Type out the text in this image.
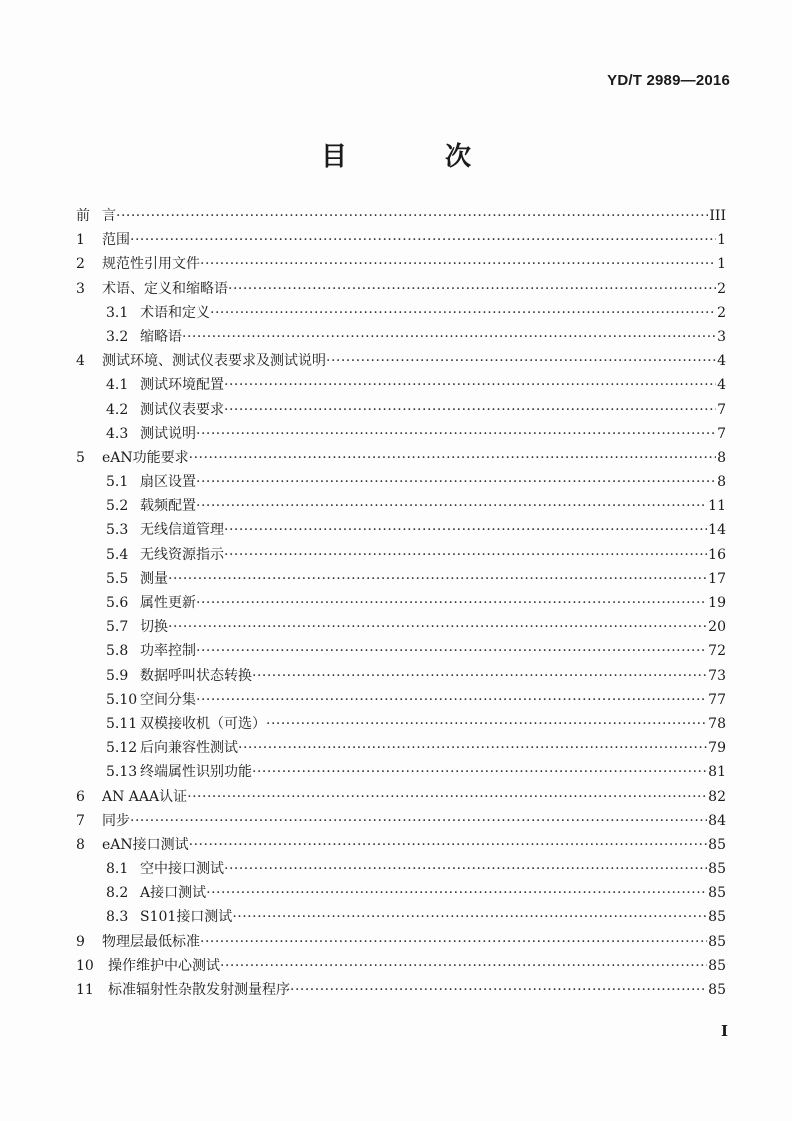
YD/T 2989—2016
目　次
前 言 ·····	III
1	范围 ·····	1
2	规范性引用文件 ·····	1
3	术语、定义和缩略语 ·····	2
3.1 术语和定义 ·····	2
3.2 缩略语 ·····	3
4	测试环境、测试仪表要求及测试说明 ·····	4
4.1 测试环境配置 ·····	4
4.2 测试仪表要求 ·····	7
4.3 测试说明 ·····	7
5	eAN功能要求 ·····	8
5.1 扇区设置 ·····	8
5.2 载频配置 ·····	11
5.3 无线信道管理 ·····	14
5.4 无线资源指示 ·····	16
5.5 测量 ·····	17
5.6 属性更新 ·····	19
5.7 切换 ·····	20
5.8 功率控制 ·····	72
5.9 数据呼叫状态转换 ·····	73
5.10 空间分集 ·····	77
5.11 双模接收机（可选） ·····	78
5.12 后向兼容性测试 ·····	79
5.13 终端属性识别功能 ·····	81
6	AN AAA认证 ·····	82
7	同步 ·····	84
8	eAN接口测试 ·····	85
8.1 空中接口测试 ·····	85
8.2 A接口测试 ·····	85
8.3 S101接口测试 ·····	85
9	物理层最低标准 ·····	85
10	操作维护中心测试 ·····	85
11	标准辐射性杂散发射测量程序 ·····	85
I
